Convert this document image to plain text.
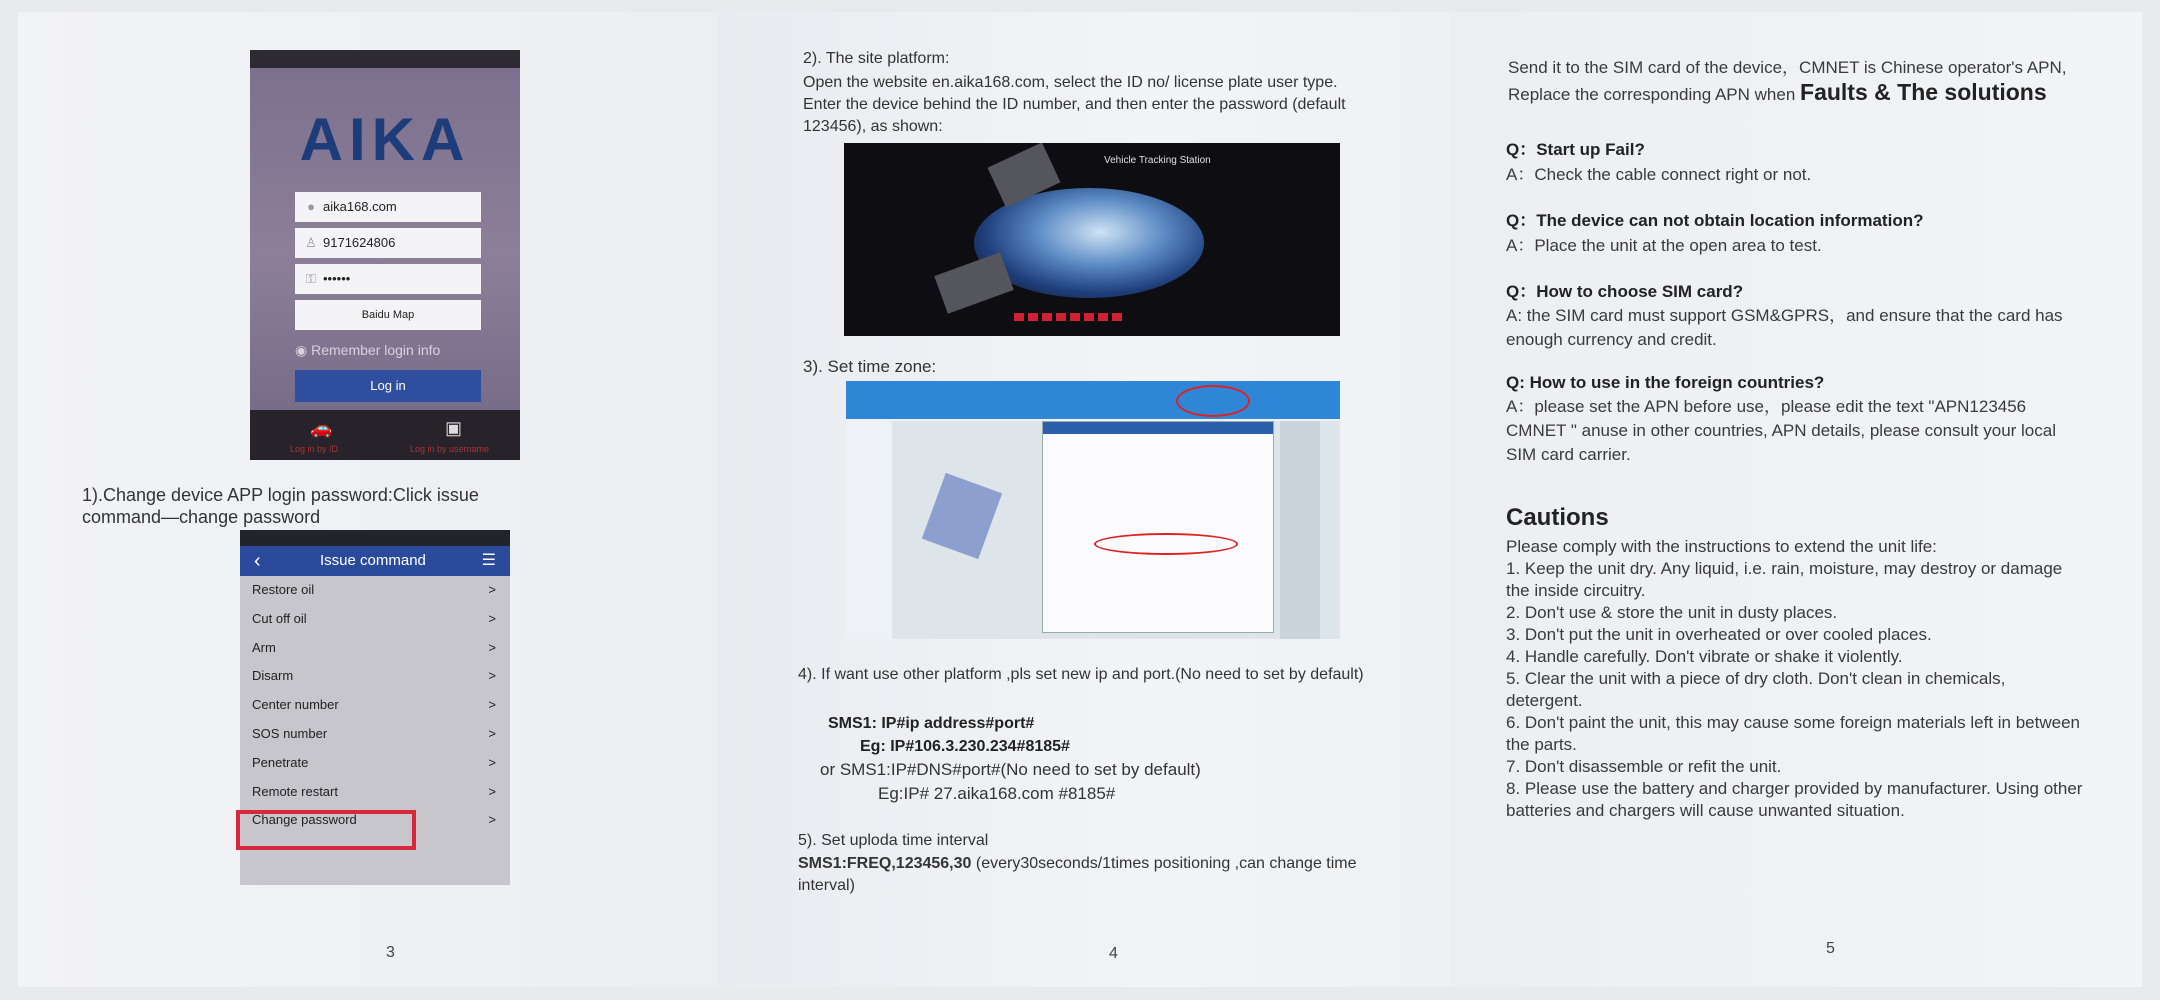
AIKA
● aika168.com
♙ 9171624806
⚿ ••••••
Baidu Map
◉ Remember login info
Log in
🚗	▣
Log in by ID	Log in by username
1).Change device APP login password:Click issue command—change password
‹	Issue command	☰
Restore oil	>
Cut off oil	>
Arm	>
Disarm	>
Center number	>
SOS number	>
Penetrate	>
Remote restart	>
Change password	>
3
2). The site platform:
Open the website en.aika168.com, select the ID no/ license plate user type. Enter the device behind the ID number, and then enter the password (default 123456), as shown:
Vehicle Tracking Station
3). Set time zone:
4). If want use other platform ,pls set new ip and port.(No need to set by default)
SMS1: IP#ip address#port#
Eg: IP#106.3.230.234#8185#
or SMS1:IP#DNS#port#(No need to set by default)
Eg:IP# 27.aika168.com #8185#
5). Set uploda time interval
SMS1:FREQ,123456,30 (every30seconds/1times positioning ,can change time interval)
4
Send it to the SIM card of the device，CMNET is Chinese operator's APN, Replace the corresponding APN when Faults & The solutions
Q：Start up Fail?
A：Check the cable connect right or not.
Q：The device can not obtain location information?
A：Place the unit at the open area to test.
Q：How to choose SIM card?
A: the SIM card must support GSM&GPRS，and ensure that the card has enough currency and credit.
Q: How to use in the foreign countries?
A：please set the APN before use，please edit the text "APN123456 CMNET " anuse in other countries, APN details, please consult your local SIM card carrier.
Cautions
Please comply with the instructions to extend the unit life:
1. Keep the unit dry. Any liquid, i.e. rain, moisture, may destroy or damage the inside circuitry.
2. Don't use & store the unit in dusty places.
3. Don't put the unit in overheated or over cooled places.
4. Handle carefully. Don't vibrate or shake it violently.
5. Clear the unit with a piece of dry cloth. Don't clean in chemicals, detergent.
6. Don't paint the unit, this may cause some foreign materials left in between the parts.
7. Don't disassemble or refit the unit.
8. Please use the battery and charger provided by manufacturer. Using other batteries and chargers will cause unwanted situation.
5
